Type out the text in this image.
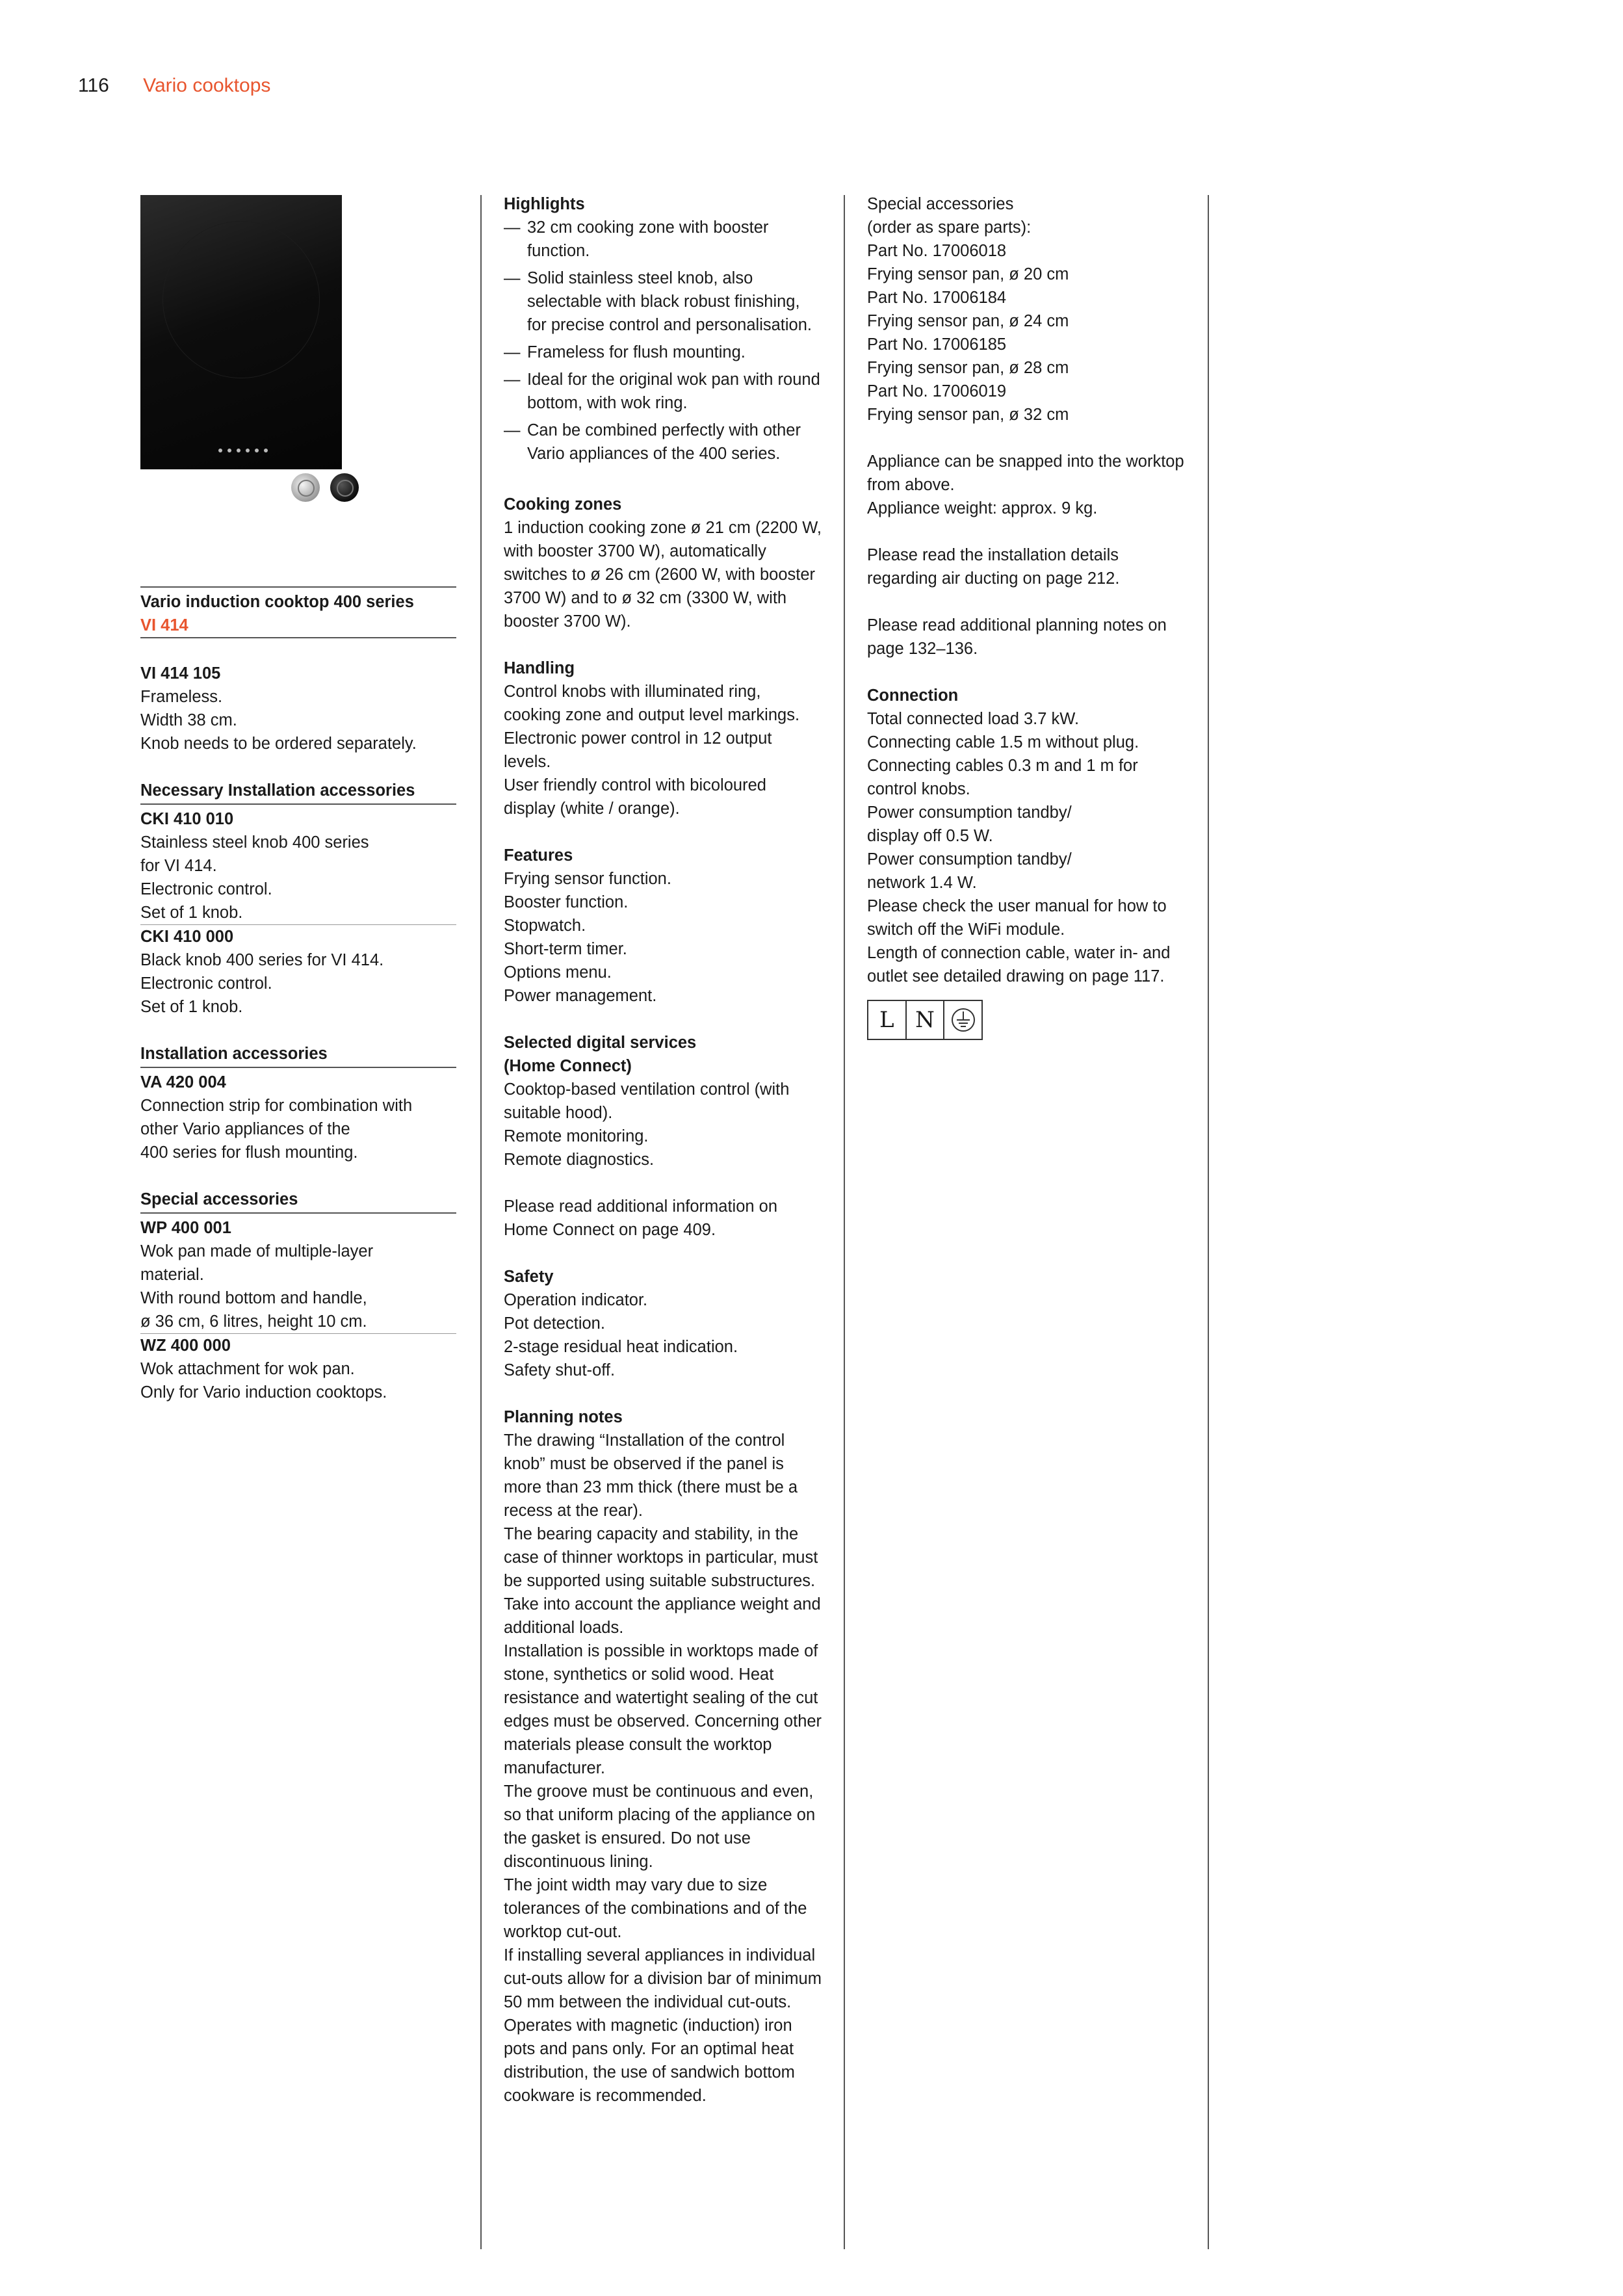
116 Vario cooktops

Vario induction cooktop 400 series

VI 414

VI 414 105

Frameless.

Width 38 cm.

Knob needs to be ordered separately.

Necessary Installation accessories

CKI 410 010

Stainless steel knob 400 series

for VI 414.

Electronic control.

Set of 1 knob.

CKI 410 000

Black knob 400 series for VI 414.

Electronic control.

Set of 1 knob.

Installation accessories

VA 420 004

Connection strip for combination with

other Vario appliances of the

400 series for flush mounting.

Special accessories

WP 400 001

Wok pan made of multiple-layer

material.

With round bottom and handle,

ø 36 cm, 6 litres, height 10 cm.

WZ 400 000

Wok attachment for wok pan.

Only for Vario induction cooktops.

Highlights

— 32 cm cooking zone with booster function.
— Solid stainless steel knob, also selectable with black robust finishing, for precise control and personalisation.
— Frameless for flush mounting.
— Ideal for the original wok pan with round bottom, with wok ring.
— Can be combined perfectly with other Vario appliances of the 400 series.

Cooking zones

1 induction cooking zone ø 21 cm (2200 W, with booster 3700 W), automatically switches to ø 26 cm (2600 W, with booster 3700 W) and to ø 32 cm (3300 W, with booster 3700 W).

Handling

Control knobs with illuminated ring, cooking zone and output level markings.

Electronic power control in 12 output levels.

User friendly control with bicoloured display (white / orange).

Features

Frying sensor function.

Booster function.

Stopwatch.

Short-term timer.

Options menu.

Power management.

Selected digital services

(Home Connect)

Cooktop-based ventilation control (with suitable hood).

Remote monitoring.

Remote diagnostics.

Please read additional information on Home Connect on page 409.

Safety

Operation indicator.

Pot detection.

2-stage residual heat indication.

Safety shut-off.

Planning notes

The drawing “Installation of the control knob” must be observed if the panel is more than 23 mm thick (there must be a recess at the rear).

The bearing capacity and stability, in the case of thinner worktops in particular, must be supported using suitable substructures. Take into account the appliance weight and additional loads.

Installation is possible in worktops made of stone, synthetics or solid wood. Heat resistance and watertight sealing of the cut edges must be observed. Concerning other materials please consult the worktop manufacturer.

The groove must be continuous and even, so that uniform placing of the appliance on the gasket is ensured. Do not use discontinuous lining.

The joint width may vary due to size tolerances of the combinations and of the worktop cut-out.

If installing several appliances in individual cut-outs allow for a division bar of minimum 50 mm between the individual cut-outs.

Operates with magnetic (induction) iron pots and pans only. For an optimal heat distribution, the use of sandwich bottom cookware is recommended.

Special accessories

(order as spare parts):

Part No. 17006018

Frying sensor pan, ø 20 cm

Part No. 17006184

Frying sensor pan, ø 24 cm

Part No. 17006185

Frying sensor pan, ø 28 cm

Part No. 17006019

Frying sensor pan, ø 32 cm

Appliance can be snapped into the worktop from above.

Appliance weight: approx. 9 kg.

Please read the installation details regarding air ducting on page 212.

Please read additional planning notes on page 132–136.

Connection

Total connected load 3.7 kW.

Connecting cable 1.5 m without plug.

Connecting cables 0.3 m and 1 m for control knobs.

Power consumption tandby/

display off 0.5 W.

Power consumption tandby/

network 1.4 W.

Please check the user manual for how to switch off the WiFi module.

Length of connection cable, water in- and outlet see detailed drawing on page 117.

L N
